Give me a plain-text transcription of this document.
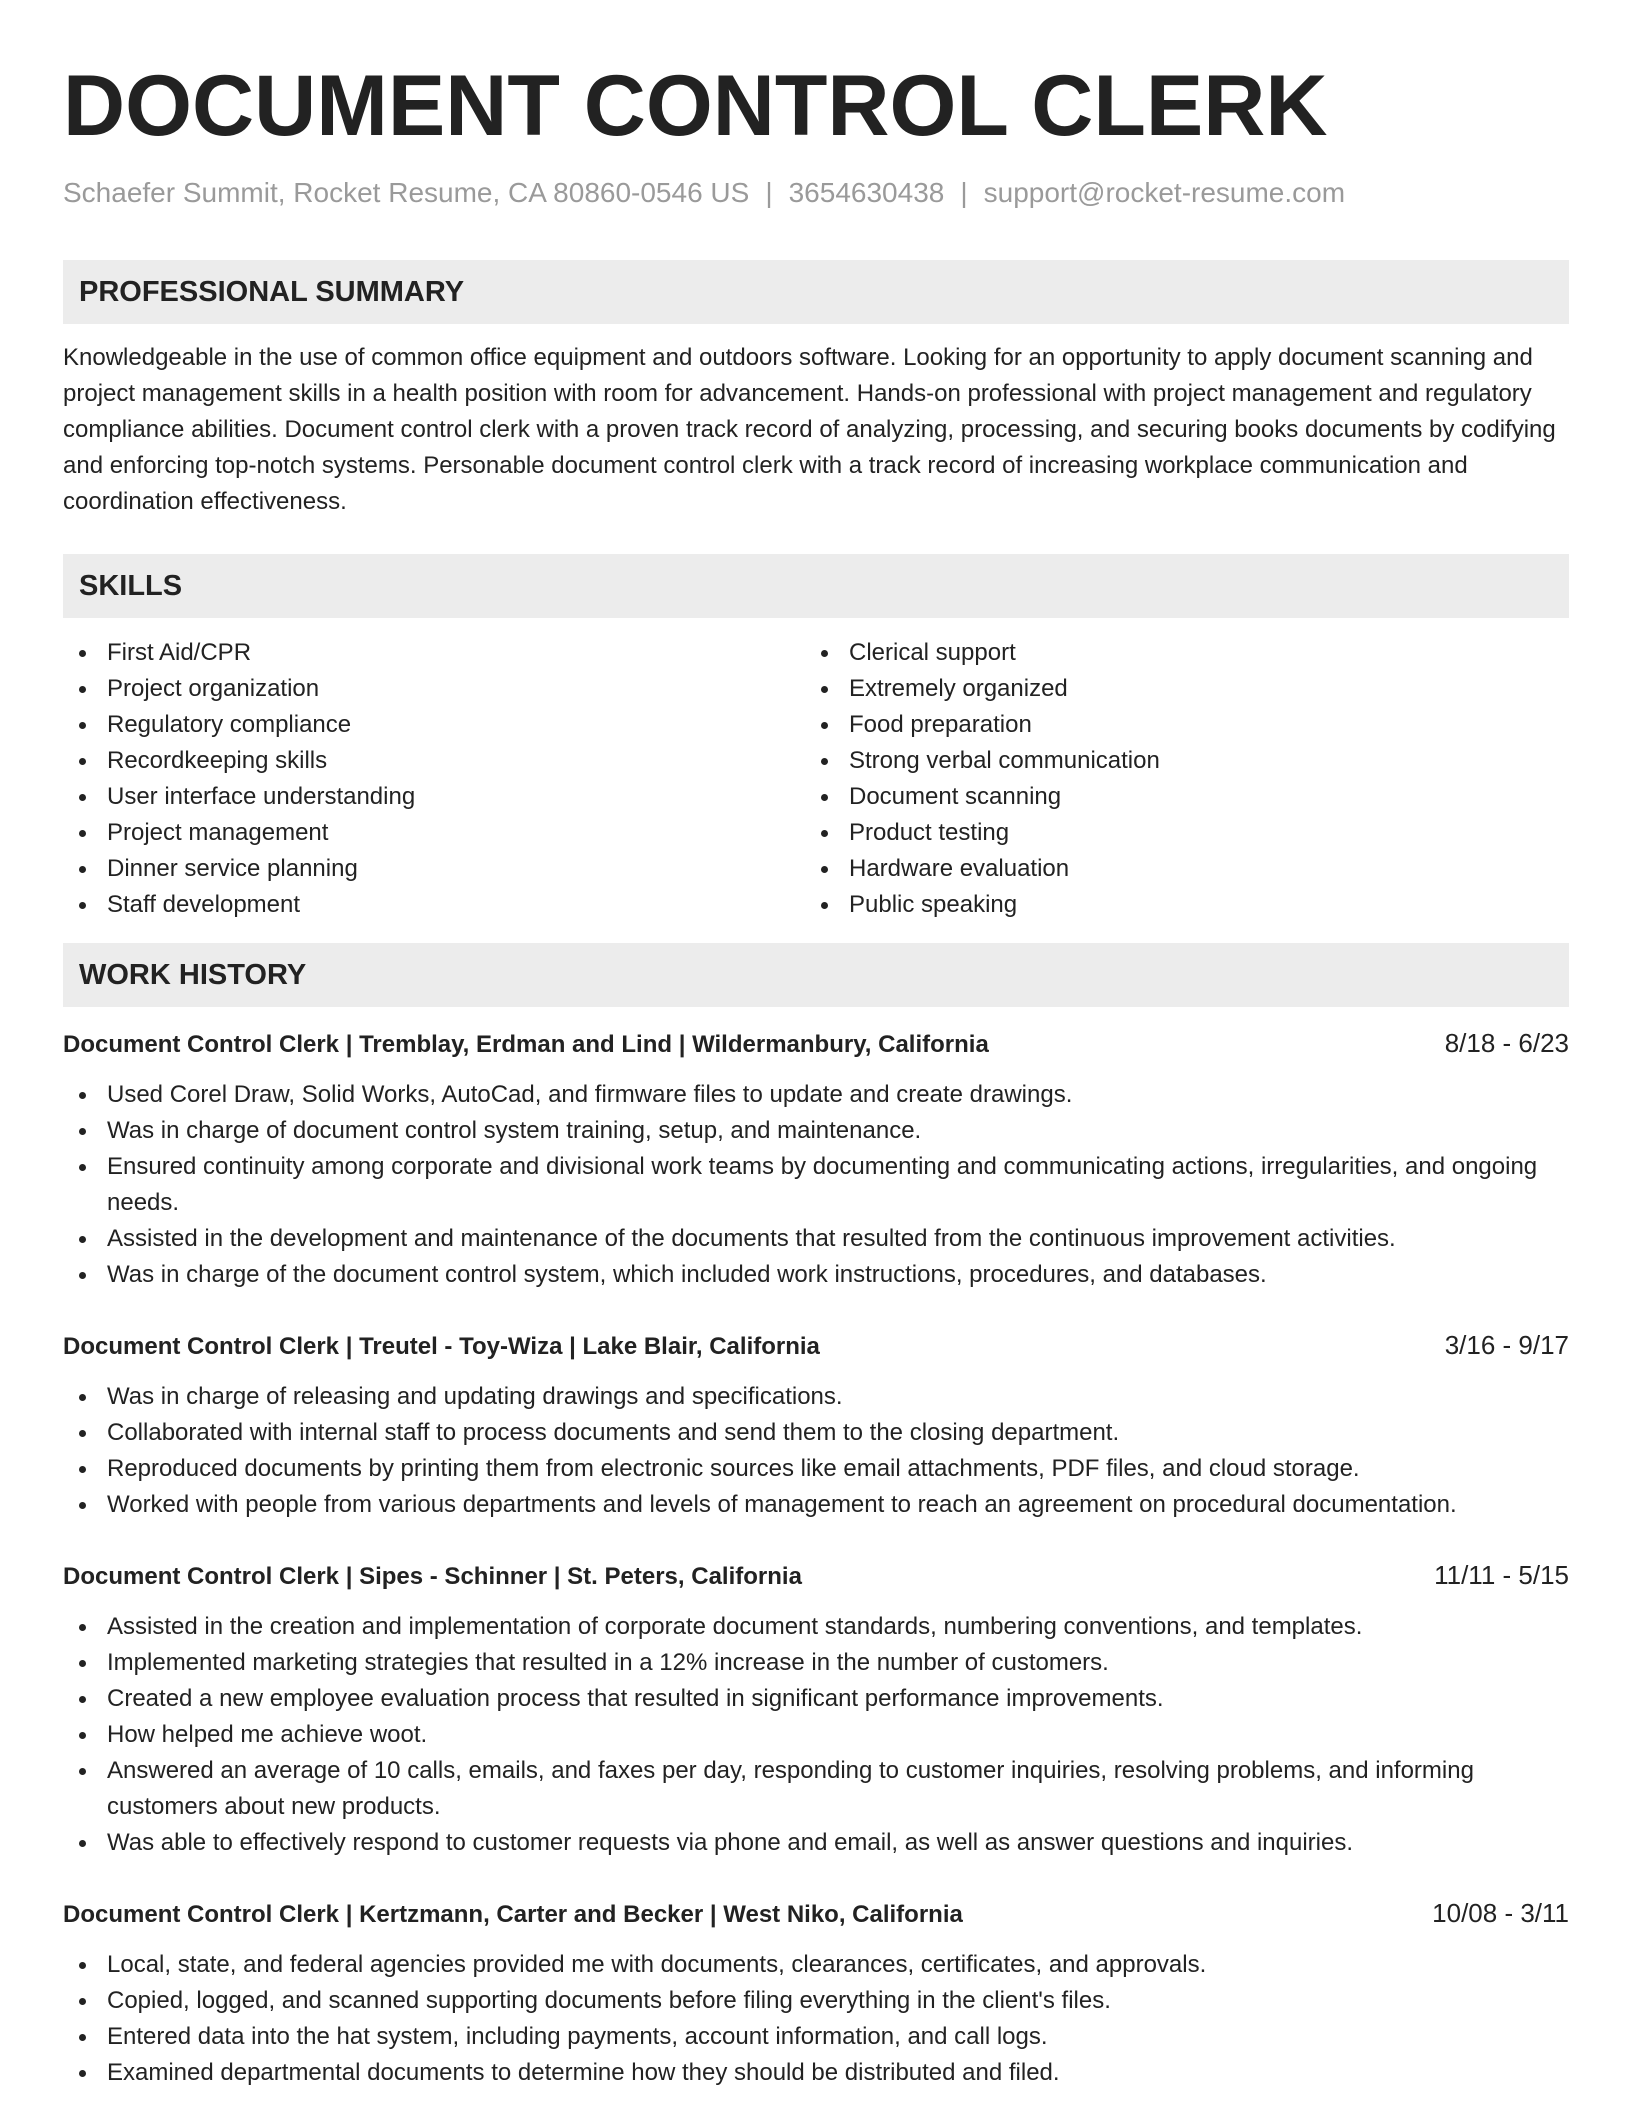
DOCUMENT CONTROL CLERK
Schaefer Summit, Rocket Resume, CA 80860-0546 US | 3654630438 | support@rocket-resume.com
PROFESSIONAL SUMMARY
Knowledgeable in the use of common office equipment and outdoors software. Looking for an opportunity to apply document scanning and project management skills in a health position with room for advancement. Hands-on professional with project management and regulatory compliance abilities. Document control clerk with a proven track record of analyzing, processing, and securing books documents by codifying and enforcing top-notch systems. Personable document control clerk with a track record of increasing workplace communication and coordination effectiveness.
SKILLS
First Aid/CPR
Project organization
Regulatory compliance
Recordkeeping skills
User interface understanding
Project management
Dinner service planning
Staff development
Clerical support
Extremely organized
Food preparation
Strong verbal communication
Document scanning
Product testing
Hardware evaluation
Public speaking
WORK HISTORY
Document Control Clerk | Tremblay, Erdman and Lind | Wildermanbury, California	8/18 - 6/23
Used Corel Draw, Solid Works, AutoCad, and firmware files to update and create drawings.
Was in charge of document control system training, setup, and maintenance.
Ensured continuity among corporate and divisional work teams by documenting and communicating actions, irregularities, and ongoing needs.
Assisted in the development and maintenance of the documents that resulted from the continuous improvement activities.
Was in charge of the document control system, which included work instructions, procedures, and databases.
Document Control Clerk | Treutel - Toy-Wiza | Lake Blair, California	3/16 - 9/17
Was in charge of releasing and updating drawings and specifications.
Collaborated with internal staff to process documents and send them to the closing department.
Reproduced documents by printing them from electronic sources like email attachments, PDF files, and cloud storage.
Worked with people from various departments and levels of management to reach an agreement on procedural documentation.
Document Control Clerk | Sipes - Schinner | St. Peters, California	11/11 - 5/15
Assisted in the creation and implementation of corporate document standards, numbering conventions, and templates.
Implemented marketing strategies that resulted in a 12% increase in the number of customers.
Created a new employee evaluation process that resulted in significant performance improvements.
How helped me achieve woot.
Answered an average of 10 calls, emails, and faxes per day, responding to customer inquiries, resolving problems, and informing customers about new products.
Was able to effectively respond to customer requests via phone and email, as well as answer questions and inquiries.
Document Control Clerk | Kertzmann, Carter and Becker | West Niko, California	10/08 - 3/11
Local, state, and federal agencies provided me with documents, clearances, certificates, and approvals.
Copied, logged, and scanned supporting documents before filing everything in the client's files.
Entered data into the hat system, including payments, account information, and call logs.
Examined departmental documents to determine how they should be distributed and filed.
